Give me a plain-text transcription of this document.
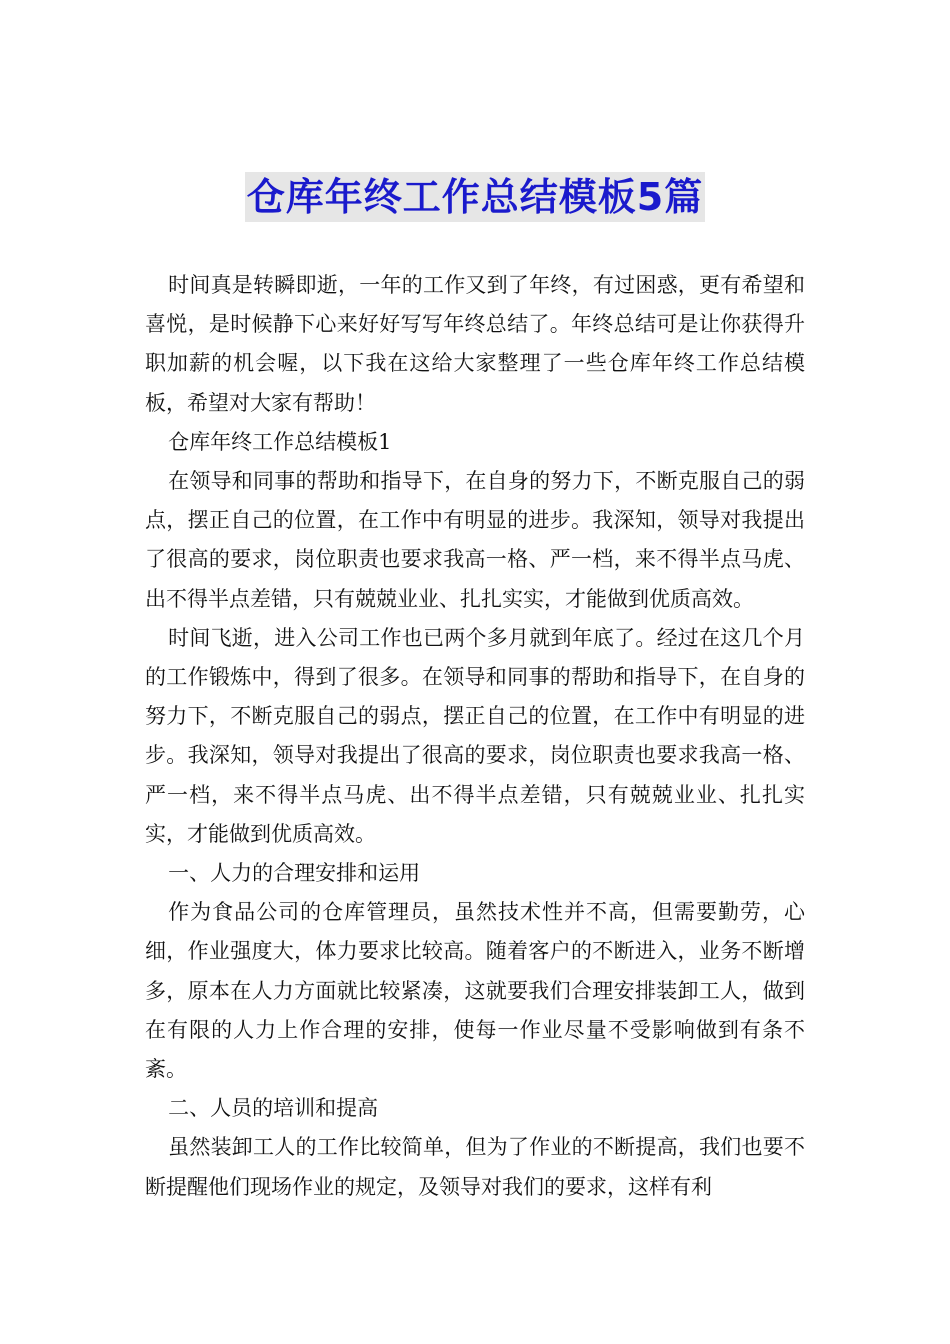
仓库年终工作总结模板5篇

时间真是转瞬即逝，一年的工作又到了年终，有过困惑，更有希望和喜悦，是时候静下心来好好写写年终总结了。年终总结可是让你获得升职加薪的机会喔，以下我在这给大家整理了一些仓库年终工作总结模板，希望对大家有帮助！

仓库年终工作总结模板1

在领导和同事的帮助和指导下，在自身的努力下，不断克服自己的弱点，摆正自己的位置，在工作中有明显的进步。我深知，领导对我提出了很高的要求，岗位职责也要求我高一格、严一档，来不得半点马虎、出不得半点差错，只有兢兢业业、扎扎实实，才能做到优质高效。

时间飞逝，进入公司工作也已两个多月就到年底了。经过在这几个月的工作锻炼中，得到了很多。在领导和同事的帮助和指导下，在自身的努力下，不断克服自己的弱点，摆正自己的位置，在工作中有明显的进步。我深知，领导对我提出了很高的要求，岗位职责也要求我高一格、严一档，来不得半点马虎、出不得半点差错，只有兢兢业业、扎扎实实，才能做到优质高效。

一、人力的合理安排和运用

作为食品公司的仓库管理员，虽然技术性并不高，但需要勤劳，心细，作业强度大，体力要求比较高。随着客户的不断进入，业务不断增多，原本在人力方面就比较紧凑，这就要我们合理安排装卸工人，做到在有限的人力上作合理的安排，使每一作业尽量不受影响做到有条不紊。

二、人员的培训和提高

虽然装卸工人的工作比较简单，但为了作业的不断提高，我们也要不断提醒他们现场作业的规定，及领导对我们的要求，这样有利
